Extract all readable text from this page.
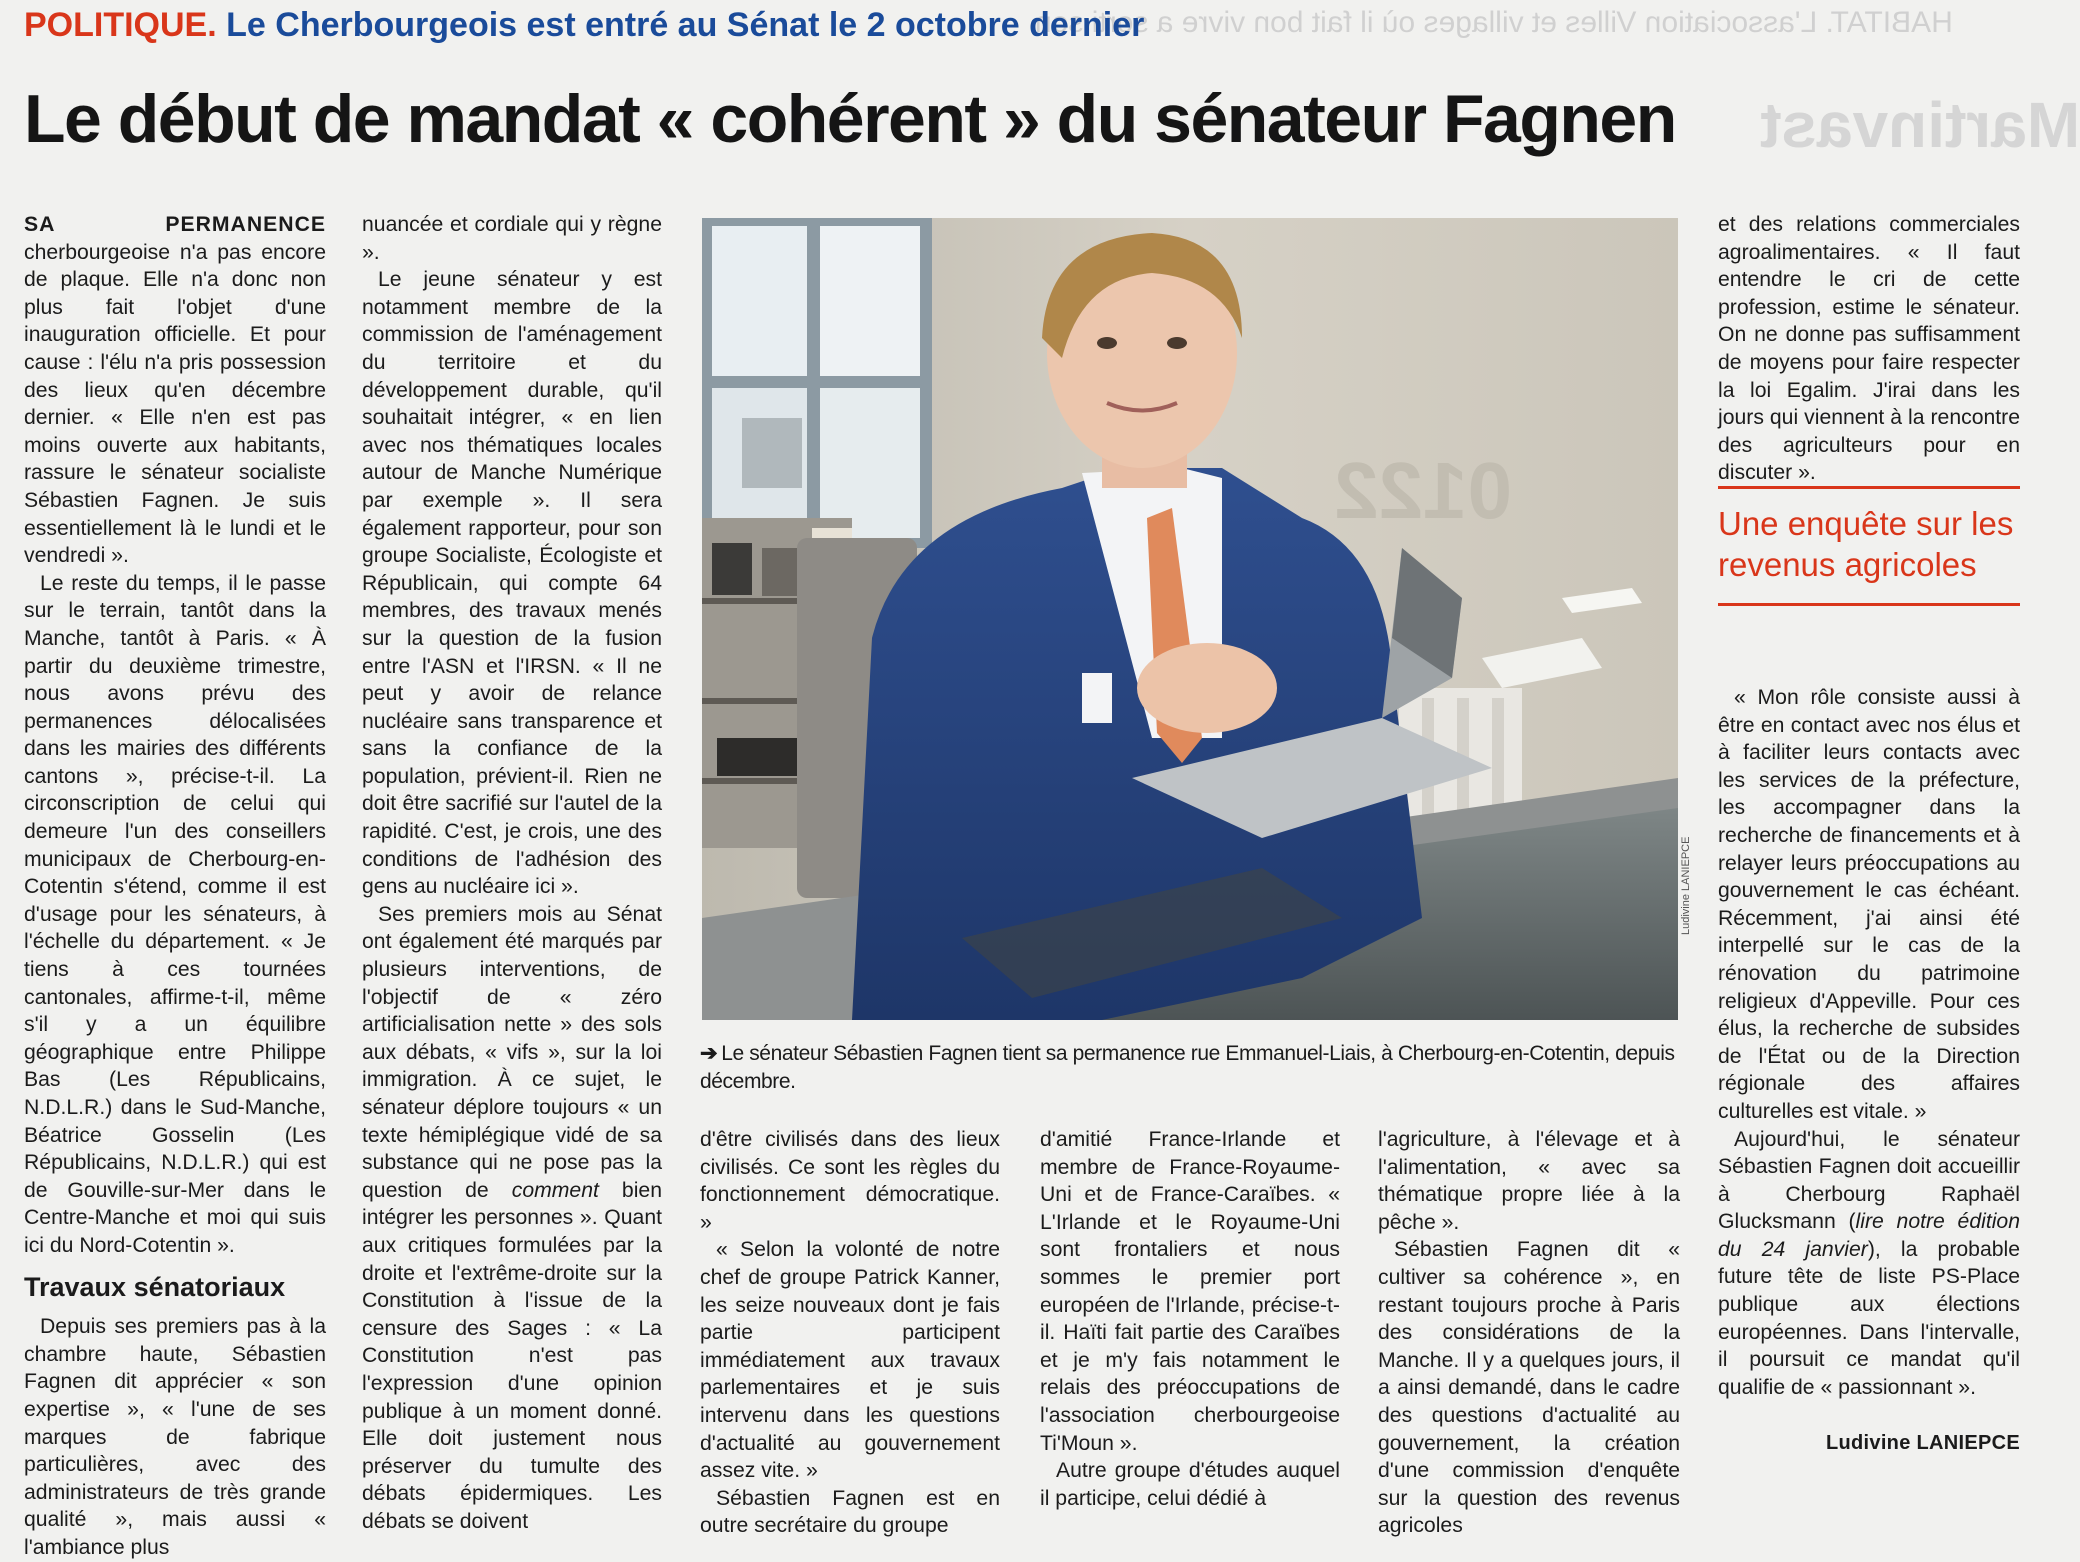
HABITAT. L'association Villes et villages où il fait bon vivre a sorti son
Martinvast
POLITIQUE. Le Cherbourgeois est entré au Sénat le 2 octobre dernier
Le début de mandat « cohérent » du sénateur Fagnen

SA PERMANENCE cherbourgeoise n'a pas encore de plaque. Elle n'a donc non plus fait l'objet d'une inauguration officielle. Et pour cause : l'élu n'a pris possession des lieux qu'en décembre dernier. « Elle n'en est pas moins ouverte aux habitants, rassure le sénateur socialiste Sébastien Fagnen. Je suis essentiellement là le lundi et le vendredi ».

Le reste du temps, il le passe sur le terrain, tantôt dans la Manche, tantôt à Paris. « À partir du deuxième trimestre, nous avons prévu des permanences délocalisées dans les mairies des différents cantons », précise-t-il. La circonscription de celui qui demeure l'un des conseillers municipaux de Cherbourg-en-Cotentin s'étend, comme il est d'usage pour les sénateurs, à l'échelle du département. « Je tiens à ces tournées cantonales, affirme-t-il, même s'il y a un équilibre géographique entre Philippe Bas (Les Républicains, N.D.L.R.) dans le Sud-Manche, Béatrice Gosselin (Les Républicains, N.D.L.R.) qui est de Gouville-sur-Mer dans le Centre-Manche et moi qui suis ici du Nord-Cotentin ».

Travaux sénatoriaux

Depuis ses premiers pas à la chambre haute, Sébastien Fagnen dit apprécier « son expertise », « l'une de ses marques de fabrique particulières, avec des administrateurs de très grande qualité », mais aussi « l'ambiance plus

nuancée et cordiale qui y règne ».

Le jeune sénateur y est notamment membre de la commission de l'aménagement du territoire et du développement durable, qu'il souhaitait intégrer, « en lien avec nos thématiques locales autour de Manche Numérique par exemple ». Il sera également rapporteur, pour son groupe Socialiste, Écologiste et Républicain, qui compte 64 membres, des travaux menés sur la question de la fusion entre l'ASN et l'IRSN. « Il ne peut y avoir de relance nucléaire sans transparence et sans la confiance de la population, prévient-il. Rien ne doit être sacrifié sur l'autel de la rapidité. C'est, je crois, une des conditions de l'adhésion des gens au nucléaire ici ».

Ses premiers mois au Sénat ont également été marqués par plusieurs interventions, de l'objectif de « zéro artificialisation nette » des sols aux débats, « vifs », sur la loi immigration. À ce sujet, le sénateur déplore toujours « un texte hémiplégique vidé de sa substance qui ne pose pas la question de comment bien intégrer les personnes ». Quant aux critiques formulées par la droite et l'extrême-droite sur la Constitution à l'issue de la censure des Sages : « La Constitution n'est pas l'expression d'une opinion publique à un moment donné. Elle doit justement nous préserver du tumulte des débats épidermiques. Les débats se doivent

0122
Ludivine LANIEPCE
➔ Le sénateur Sébastien Fagnen tient sa permanence rue Emmanuel-Liais, à Cherbourg-en-Cotentin, depuis décembre.

d'être civilisés dans des lieux civilisés. Ce sont les règles du fonctionnement démocratique. »

« Selon la volonté de notre chef de groupe Patrick Kanner, les seize nouveaux dont je fais partie participent immédiatement aux travaux parlementaires et je suis intervenu dans les questions d'actualité au gouvernement assez vite. »

Sébastien Fagnen est en outre secrétaire du groupe

d'amitié France-Irlande et membre de France-Royaume-Uni et de France-Caraïbes. « L'Irlande et le Royaume-Uni sont frontaliers et nous sommes le premier port européen de l'Irlande, précise-t-il. Haïti fait partie des Caraïbes et je m'y fais notamment le relais des préoccupations de l'association cherbourgeoise Ti'Moun ».

Autre groupe d'études auquel il participe, celui dédié à

l'agriculture, à l'élevage et à l'alimentation, « avec sa thématique propre liée à la pêche ».

Sébastien Fagnen dit « cultiver sa cohérence », en restant toujours proche à Paris des considérations de la Manche. Il y a quelques jours, il a ainsi demandé, dans le cadre des questions d'actualité au gouvernement, la création d'une commission d'enquête sur la question des revenus agricoles

et des relations commerciales agroalimentaires. « Il faut entendre le cri de cette profession, estime le sénateur. On ne donne pas suffisamment de moyens pour faire respecter la loi Egalim. J'irai dans les jours qui viennent à la rencontre des agriculteurs pour en discuter ».

Une enquête sur les revenus agricoles

« Mon rôle consiste aussi à être en contact avec nos élus et à faciliter leurs contacts avec les services de la préfecture, les accompagner dans la recherche de financements et à relayer leurs préoccupations au gouvernement le cas échéant. Récemment, j'ai ainsi été interpellé sur le cas de la rénovation du patrimoine religieux d'Appeville. Pour ces élus, la recherche de subsides de l'État ou de la Direction régionale des affaires culturelles est vitale. »

Aujourd'hui, le sénateur Sébastien Fagnen doit accueillir à Cherbourg Raphaël Glucksmann (lire notre édition du 24 janvier), la probable future tête de liste PS-Place publique aux élections européennes. Dans l'intervalle, il poursuit ce mandat qu'il qualifie de « passionnant ».

Ludivine LANIEPCE
